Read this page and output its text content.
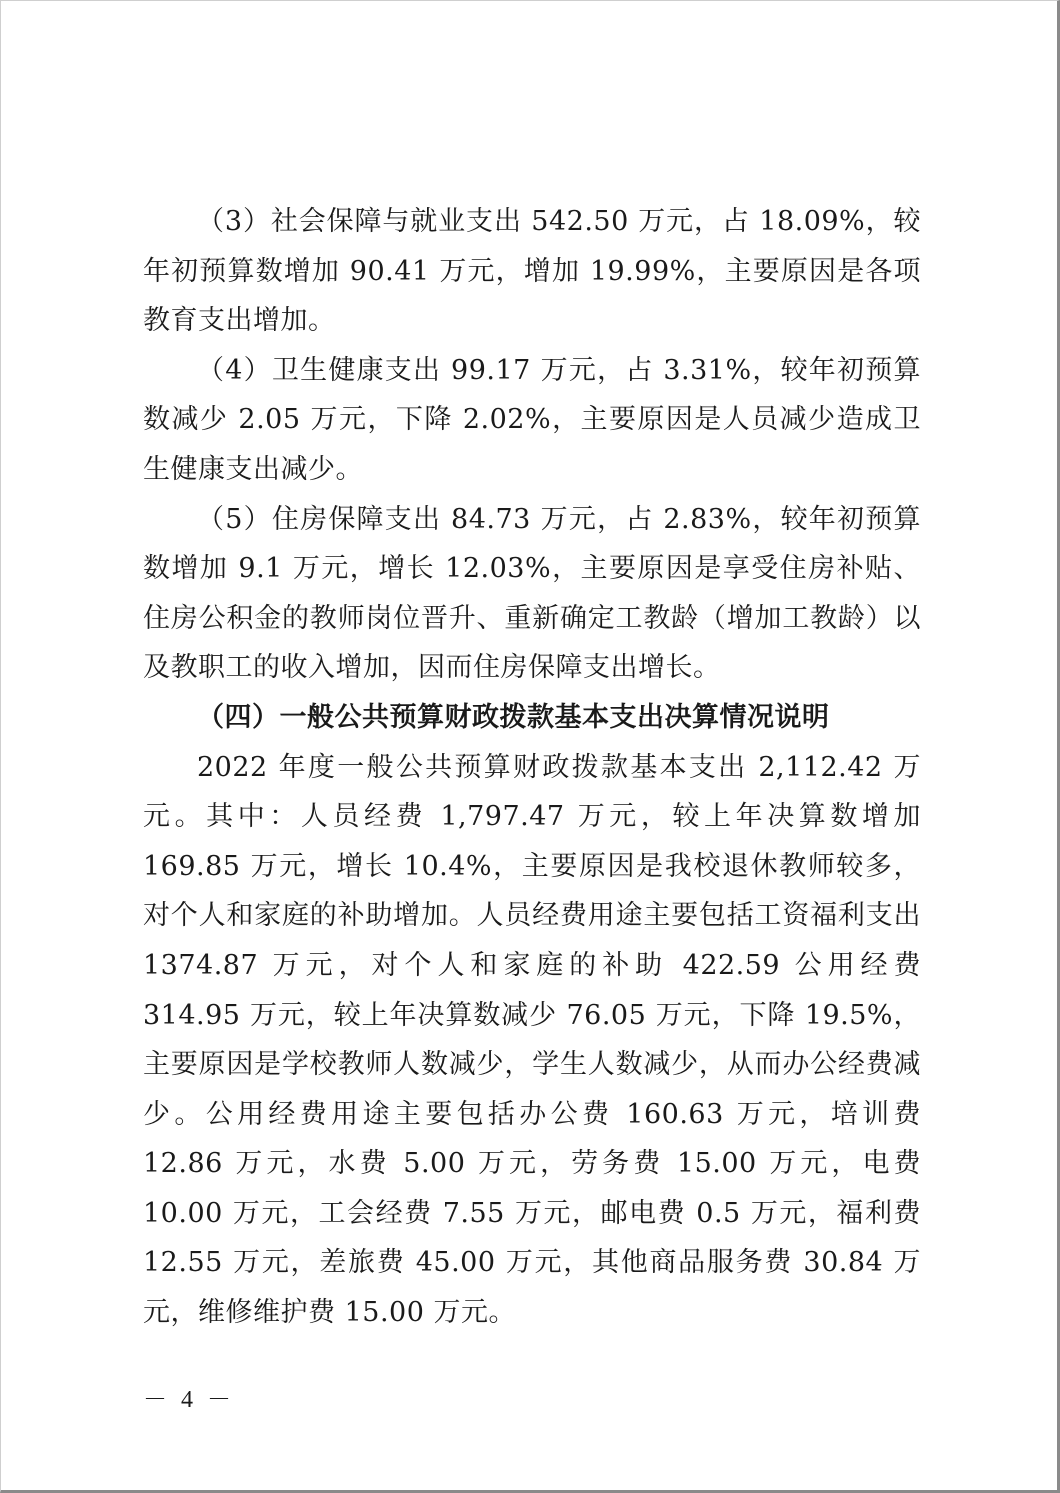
（3）社会保障与就业支出 542.50 万元，占 18.09%，较年初预算数增加 90.41 万元，增加 19.99%，主要原因是各项教育支出增加。

（4）卫生健康支出 99.17 万元，占 3.31%，较年初预算数减少 2.05 万元，下降 2.02%，主要原因是人员减少造成卫生健康支出减少。

（5）住房保障支出 84.73 万元，占 2.83%，较年初预算数增加 9.1 万元，增长 12.03%，主要原因是享受住房补贴、住房公积金的教师岗位晋升、重新确定工教龄（增加工教龄）以及教职工的收入增加，因而住房保障支出增长。

（四）一般公共预算财政拨款基本支出决算情况说明

2022 年度一般公共预算财政拨款基本支出 2,112.42 万元。其中：人员经费 1,797.47 万元，较上年决算数增加 169.85 万元，增长 10.4%，主要原因是我校退休教师较多，对个人和家庭的补助增加。人员经费用途主要包括工资福利支出 1374.87 万元，对个人和家庭的补助 422.59 公用经费 314.95 万元，较上年决算数减少 76.05 万元，下降 19.5%，主要原因是学校教师人数减少，学生人数减少，从而办公经费减少。公用经费用途主要包括办公费 160.63 万元，培训费 12.86 万元，水费 5.00 万元，劳务费 15.00 万元，电费 10.00 万元，工会经费 7.55 万元，邮电费 0.5 万元，福利费 12.55 万元，差旅费 45.00 万元，其他商品服务费 30.84 万元，维修维护费 15.00 万元。

－ 4 －
